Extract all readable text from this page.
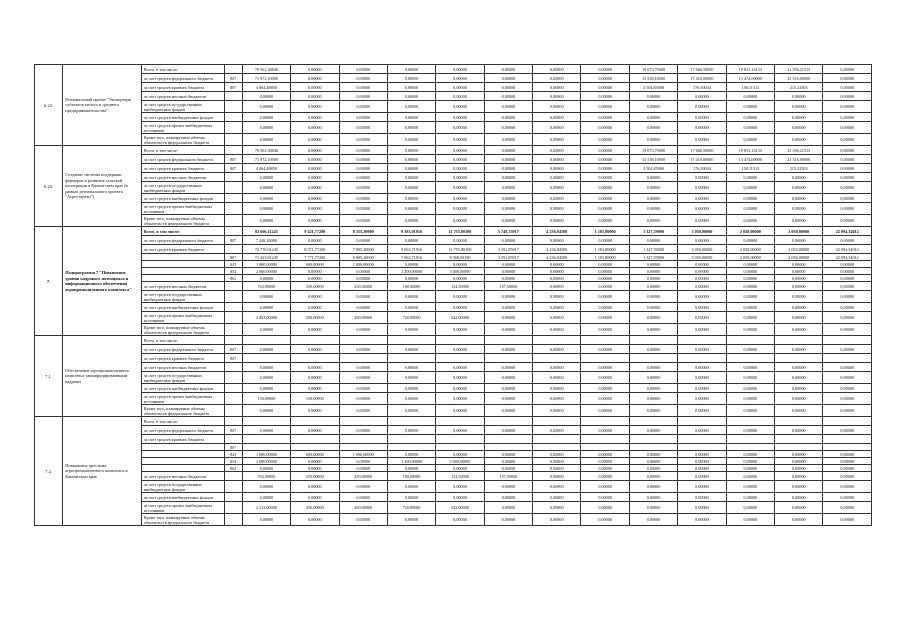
6.22.	Региональный проект "Экспортеры субъектов малого и среднего предпринимательства"	Всего, в том числе:		79 561,38846	0,00000	0,00000	0,00000	0,00000	0,00000	0,00000	0,00000	19 073,75000	17 666,50000	19 831,14133	21 356,21515	0,00000
		за счет средств федерального бюджета	807	71 972,10000	0,00000	0,00000	0,00000	0,00000	0,00000	0,00000	0,00000	15 538,10000	17 416,00000	13 474,00000	21 316,00000	0,00000
		за счет средств краевого бюджета	807	4 064,48850	0,00000	0,00000	0,00000	0,00000	0,00000	0,00000	0,00000	3 504,85000	176,50044	158,11313	215,22503	0,00000
		за счет средств местных бюджетов		0,00000	0,00000	0,00000	0,00000	0,00000	0,00000	0,00000	0,00000	0,00000	0,00000	0,00000	0,00000	0,00000
		за счет средств государственных внебюджетных фондов		0,00000	0,00000	0,00000	0,00000	0,00000	0,00000	0,00000	0,00000	0,00000	0,00000	0,00000	0,00000	0,00000
		за счет средств внебюджетных фондов		0,00000	0,00000	0,00000	0,00000	0,00000	0,00000	0,00000	0,00000	0,00000	0,00000	0,00000	0,00000	0,00000
		за счет средств прочих внебюджетных источников		0,00000	0,00000	0,00000	0,00000	0,00000	0,00000	0,00000	0,00000	0,00000	0,00000	0,00000	0,00000	0,00000
		Кроме того, планируемые объемы обязательств федерального бюджета		0,00000	0,00000	0,00000	0,00000	0,00000	0,00000	0,00000	0,00000	0,00000	0,00000	0,00000	0,00000	0,00000
6.23.	Создание системы поддержки фермеров и развития сельской кооперации в Камчатском крае (в рамках регионального проекта "Агростартап")	Всего, в том числе:		79 561,38846	0,00000	0,00000	0,00000	0,00000	0,00000	0,00000	0,00000	19 073,75000	17 666,50000	19 831,14133	21 356,21515	0,00000
		за счет средств федерального бюджета	807	71 972,10000	0,00000	0,00000	0,00000	0,00000	0,00000	0,00000	0,00000	15 538,10000	17 416,00000	13 474,00000	21 316,00000	0,00000
		за счет средств краевого бюджета	807	4 064,48850	0,00000	0,00000	0,00000	0,00000	0,00000	0,00000	0,00000	3 504,85000	176,50044	158,11313	215,22503	0,00000
		за счет средств местных бюджетов		0,00000	0,00000	0,00000	0,00000	0,00000	0,00000	0,00000	0,00000	0,00000	0,00000	0,00000	0,00000	0,00000
		за счет средств государственных внебюджетных фондов		0,00000	0,00000	0,00000	0,00000	0,00000	0,00000	0,00000	0,00000	0,00000	0,00000	0,00000	0,00000	0,00000
		за счет средств внебюджетных фондов		0,00000	0,00000	0,00000	0,00000	0,00000	0,00000	0,00000	0,00000	0,00000	0,00000	0,00000	0,00000	0,00000
		за счет средств прочих внебюджетных источников		0,00000	0,00000	0,00000	0,00000	0,00000	0,00000	0,00000	0,00000	0,00000	0,00000	0,00000	0,00000	0,00000
		Кроме того, планируемые объемы обязательств федерального бюджета		0,00000	0,00000	0,00000	0,00000	0,00000	0,00000	0,00000	0,00000	0,00000	0,00000	0,00000	0,00000	0,00000
7.	Подпрограмма 7 "Повышение уровня кадрового потенциала и информационного обеспечения агропромышленного комплекса"	Всего, в том числе:		82 666,11245	9 421,77200	8 355,20000	9 383,01916	11 755,80100	3 749,35917	4 236,84500	1 181,80000	1 327,59000	3 050,00000	2 050,00000	2 050,00000	22 094,34012
		за счет средств федерального бюджета	807	7 246,20000	0,00000	0,00000	0,00000	0,00000	0,00000	0,00000	0,00000	0,00000	0,00000	0,00000	0,00000	0,00000
		за счет средств краевого бюджета		72 776,91245	8 371,77200	7 905,20000	9 063,71916	11 755,80100	3 591,85917	4 236,84500	1 181,80000	1 327,59000	3 050,00000	2 050,00000	2 050,00000	22 094,34012
			807	71 423,61245	7 771,77200	6 905,20000	7 863,71916	8 368,50100	3 591,85917	4 236,84500	1 181,80000	1 327,59000	3 050,00000	2 050,00000	2 050,00000	22 094,34012
			843	1 000,00000	600,00000	1 000,00000	0,00000	0,00000	0,00000	0,00000	0,00000	0,00000	0,00000	0,00000	0,00000	0,00000
			854	2 000,00000	0,00000	0,00000	1 200,00000	3 000,00000	0,00000	0,00000	0,00000	0,00000	0,00000	0,00000	0,00000	0,00000
			862	0,00000	0,00000	0,00000	0,00000	0,00000	0,00000	0,00000	0,00000	0,00000	0,00000	0,00000	0,00000	0,00000
		за счет средств местных бюджетов		763,90000	250,00000	250,00000	100,00000	154,50000	157,50000	0,00000	0,00000	0,00000	0,00000	0,00000	0,00000	0,00000
		за счет средств государственных внебюджетных фондов		0,00000	0,00000	0,00000	0,00000	0,00000	0,00000	0,00000	0,00000	0,00000	0,00000	0,00000	0,00000	0,00000
		за счет средств внебюджетных фондов		0,00000	0,00000	0,00000	0,00000	0,00000	0,00000	0,00000	0,00000	0,00000	0,00000	0,00000	0,00000	0,00000
		за счет средств прочих внебюджетных источников		2 463,00000	500,00000	200,00000	720,00000	542,00000	0,00000	0,00000	0,00000	0,00000	0,00000	0,00000	0,00000	0,00000
		Кроме того, планируемые объемы обязательств федерального бюджета		0,00000	0,00000	0,00000	0,00000	0,00000	0,00000	0,00000	0,00000	0,00000	0,00000	0,00000	0,00000	0,00000
7.1.	Обеспечение агропромышленного комплекса квалифицированными кадрами	Всего, в том числе:														
		за счет средств федерального бюджета	807	0,00000	0,00000	0,00000	0,00000	0,00000	0,00000	0,00000	0,00000	0,00000	0,00000	0,00000	0,00000	0,00000
		за счет средств краевого бюджета	807													
		за счет средств местных бюджетов		0,00000	0,00000	0,00000	0,00000	0,00000	0,00000	0,00000	0,00000	0,00000	0,00000	0,00000	0,00000	0,00000
		за счет средств государственных внебюджетных фондов		0,00000	0,00000	0,00000	0,00000	0,00000	0,00000	0,00000	0,00000	0,00000	0,00000	0,00000	0,00000	0,00000
		за счет средств внебюджетных фондов		0,00000	0,00000	0,00000	0,00000	0,00000	0,00000	0,00000	0,00000	0,00000	0,00000	0,00000	0,00000	0,00000
		за счет средств прочих внебюджетных источников		150,00000	150,00000	0,00000	0,00000	0,00000	0,00000	0,00000	0,00000	0,00000	0,00000	0,00000	0,00000	0,00000
		Кроме того, планируемые объемы обязательств федерального бюджета		0,00000	0,00000	0,00000	0,00000	0,00000	0,00000	0,00000	0,00000	0,00000	0,00000	0,00000	0,00000	0,00000
7.2.	Повышение престижа агропромышленного комплекса в Камчатском крае	Всего, в том числе:														
		за счет средств федерального бюджета	807	0,00000	0,00000	0,00000	0,00000	0,00000	0,00000	0,00000	0,00000	0,00000	0,00000	0,00000	0,00000	0,00000
		за счет средств краевого бюджета														
			807													
			843	1 000,00000	600,00000	1 000,00000	0,00000	0,00000	0,00000	0,00000	0,00000	0,00000	0,00000	0,00000	0,00000	0,00000
			854	2 000,00000	0,00000	0,00000	1 200,00000	3 000,00000	0,00000	0,00000	0,00000	0,00000	0,00000	0,00000	0,00000	0,00000
			862	0,00000	0,00000	0,00000	0,00000	0,00000	0,00000	0,00000	0,00000	0,00000	0,00000	0,00000	0,00000	0,00000
		за счет средств местных бюджетов		763,90000	250,00000	250,00000	100,00000	154,50000	157,50000	0,00000	0,00000	0,00000	0,00000	0,00000	0,00000	0,00000
		за счет средств государственных внебюджетных фондов		0,00000	0,00000	0,00000	0,00000	0,00000	0,00000	0,00000	0,00000	0,00000	0,00000	0,00000	0,00000	0,00000
		за счет средств внебюджетных фондов		0,00000	0,00000	0,00000	0,00000	0,00000	0,00000	0,00000	0,00000	0,00000	0,00000	0,00000	0,00000	0,00000
		за счет средств прочих внебюджетных источников		2 313,00000	350,00000	200,00000	720,00000	542,00000	0,00000	0,00000	0,00000	0,00000	0,00000	0,00000	0,00000	0,00000
		Кроме того, планируемые объемы обязательств федерального бюджета		0,00000	0,00000	0,00000	0,00000	0,00000	0,00000	0,00000	0,00000	0,00000	0,00000	0,00000	0,00000	0,00000
